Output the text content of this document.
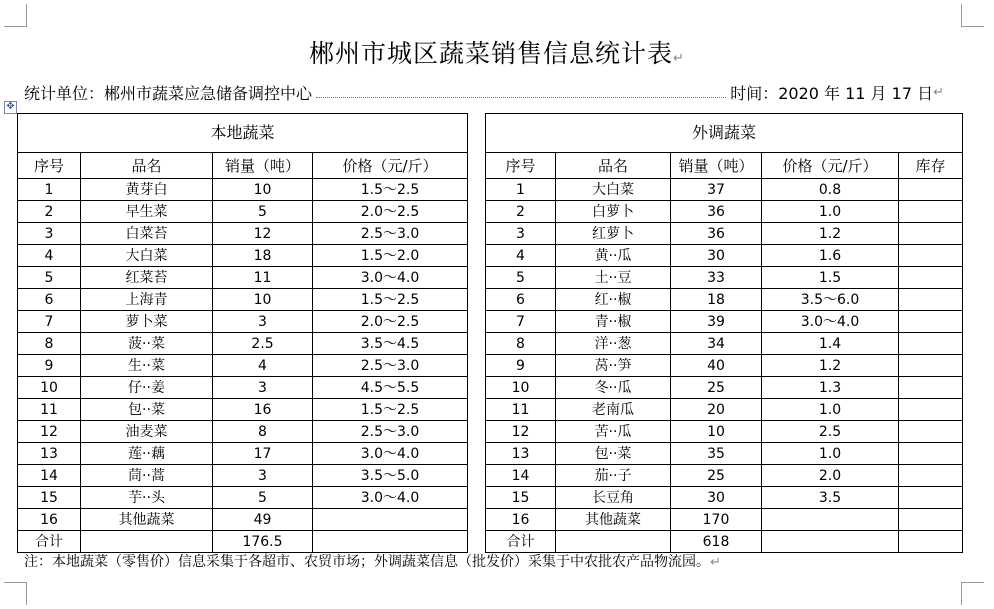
郴州市城区蔬菜销售信息统计表↵
统计单位：郴州市蔬菜应急储备调控中心	时间：2020 年 11 月 17 日 ↵
✥
本地蔬菜					外调蔬菜				
序号	品名	销量（吨）	价格（元/斤）		序号	品名	销量（吨）	价格（元/斤）	库存
1	黄芽白	10	1.5～2.5		1	大白菜	37	0.8	
2	早生菜	5	2.0～2.5		2	白萝卜	36	1.0	
3	白菜苔	12	2.5～3.0		3	红萝卜	36	1.2	
4	大白菜	18	1.5～2.0		4	黄··瓜	30	1.6	
5	红菜苔	11	3.0～4.0		5	土··豆	33	1.5	
6	上海青	10	1.5～2.5		6	红··椒	18	3.5～6.0	
7	萝卜菜	3	2.0～2.5		7	青··椒	39	3.0～4.0	
8	菠··菜	2.5	3.5～4.5		8	洋··葱	34	1.4	
9	生··菜	4	2.5～3.0		9	莴··笋	40	1.2	
10	仔··姜	3	4.5～5.5		10	冬··瓜	25	1.3	
11	包··菜	16	1.5～2.5		11	老南瓜	20	1.0	
12	油麦菜	8	2.5～3.0		12	苦··瓜	10	2.5	
13	莲··藕	17	3.0～4.0		13	包··菜	35	1.0	
14	茼··蒿	3	3.5～5.0		14	茄··子	25	2.0	
15	芋··头	5	3.0～4.0		15	长豆角	30	3.5	
16	其他蔬菜	49			16	其他蔬菜	170		
合计		176.5			合计		618		
注：本地蔬菜（零售价）信息采集于各超市、农贸市场；外调蔬菜信息（批发价）采集于中农批农产品物流园。↵
